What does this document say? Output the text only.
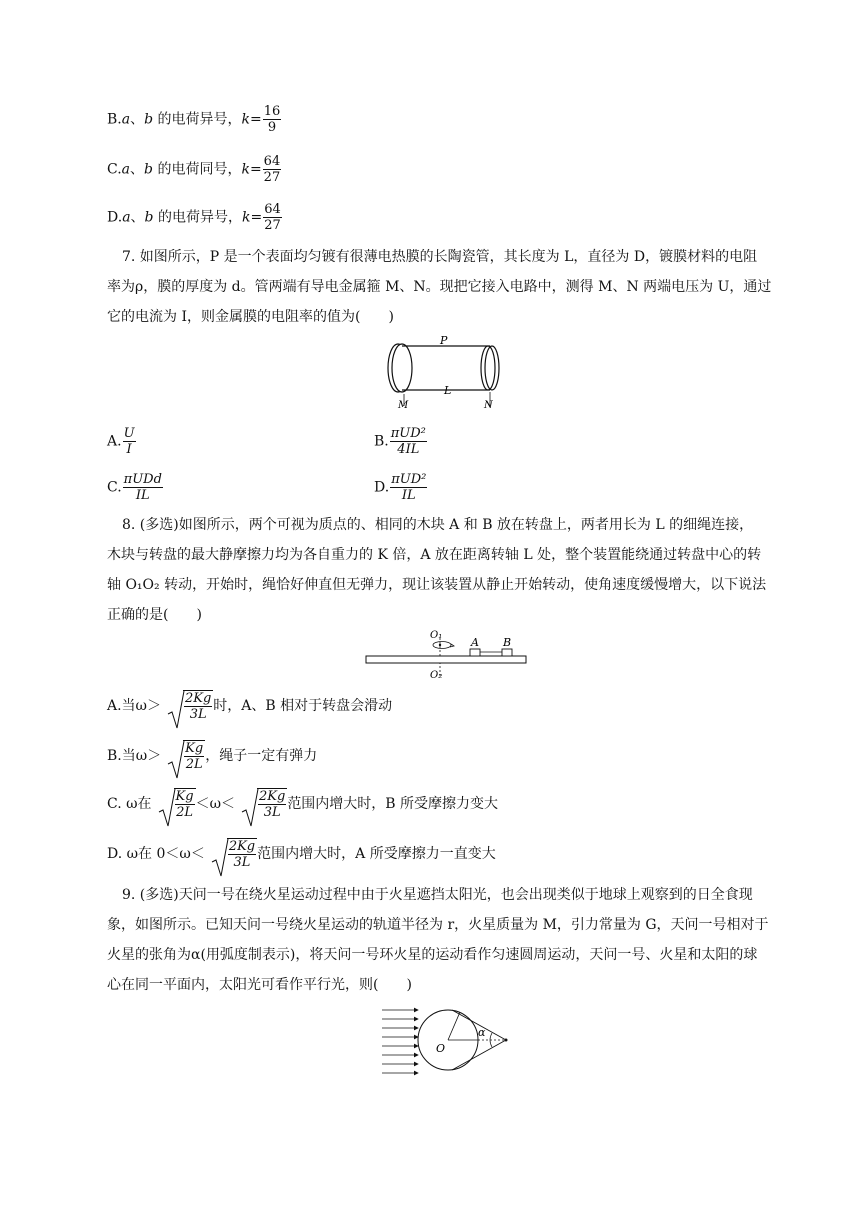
B.a、b 的电荷异号，$k= \frac{16}{9}$
C.a、b 的电荷同号，$k= \frac{64}{27}$
D.a、b 的电荷异号，$k= \frac{64}{27}$
7. 如图所示，P 是一个表面均匀镀有很薄电热膜的长陶瓷管，其长度为 L，直径为 D，镀膜材料的电阻
率为ρ，膜的厚度为 d。管两端有导电金属箍 M、N。现把它接入电路中，测得 M、N 两端电压为 U，通过
它的电流为 I，则金属膜的电阻率的值为(　　)
P
L
M	N
A. $\frac{U}{I}$	B. $\frac{\text{πUD²}}{4IL}$
C. $\frac{\text{πUDd}}{IL}$	D. $\frac{\text{πUD²}}{IL}$
8. (多选)如图所示，两个可视为质点的、相同的木块 A 和 B 放在转盘上，两者用长为 L 的细绳连接，
木块与转盘的最大静摩擦力均为各自重力的 K 倍，A 放在距离转轴 L 处，整个装置能绕通过转盘中心的转
轴 O₁O₂ 转动，开始时，绳恰好伸直但无弹力，现让该装置从静止开始转动，使角速度缓慢增大，以下说法
正确的是(　　)
O₁
O₂
A B
A.当$\omega> \frac{2Kg}{3L}$ 时，A、B 相对于转盘会滑动
B.当$\omega> \frac{Kg}{2L}$ ，绳子一定有弹力
C. ω在 $\frac{Kg}{2L} <\omega< \frac{2Kg}{3L}$ 范围内增大时，B 所受摩擦力变大
D. ω在 $0<\omega< \frac{2Kg}{3L}$ 范围内增大时，A 所受摩擦力一直变大
9. (多选)天问一号在绕火星运动过程中由于火星遮挡太阳光，也会出现类似于地球上观察到的日全食现
象，如图所示。已知天问一号绕火星运动的轨道半径为 r，火星质量为 M，引力常量为 G，天问一号相对于
火星的张角为α(用弧度制表示)，将天问一号环火星的运动看作匀速圆周运动，天问一号、火星和太阳的球
心在同一平面内，太阳光可看作平行光，则(　　)
O
α
